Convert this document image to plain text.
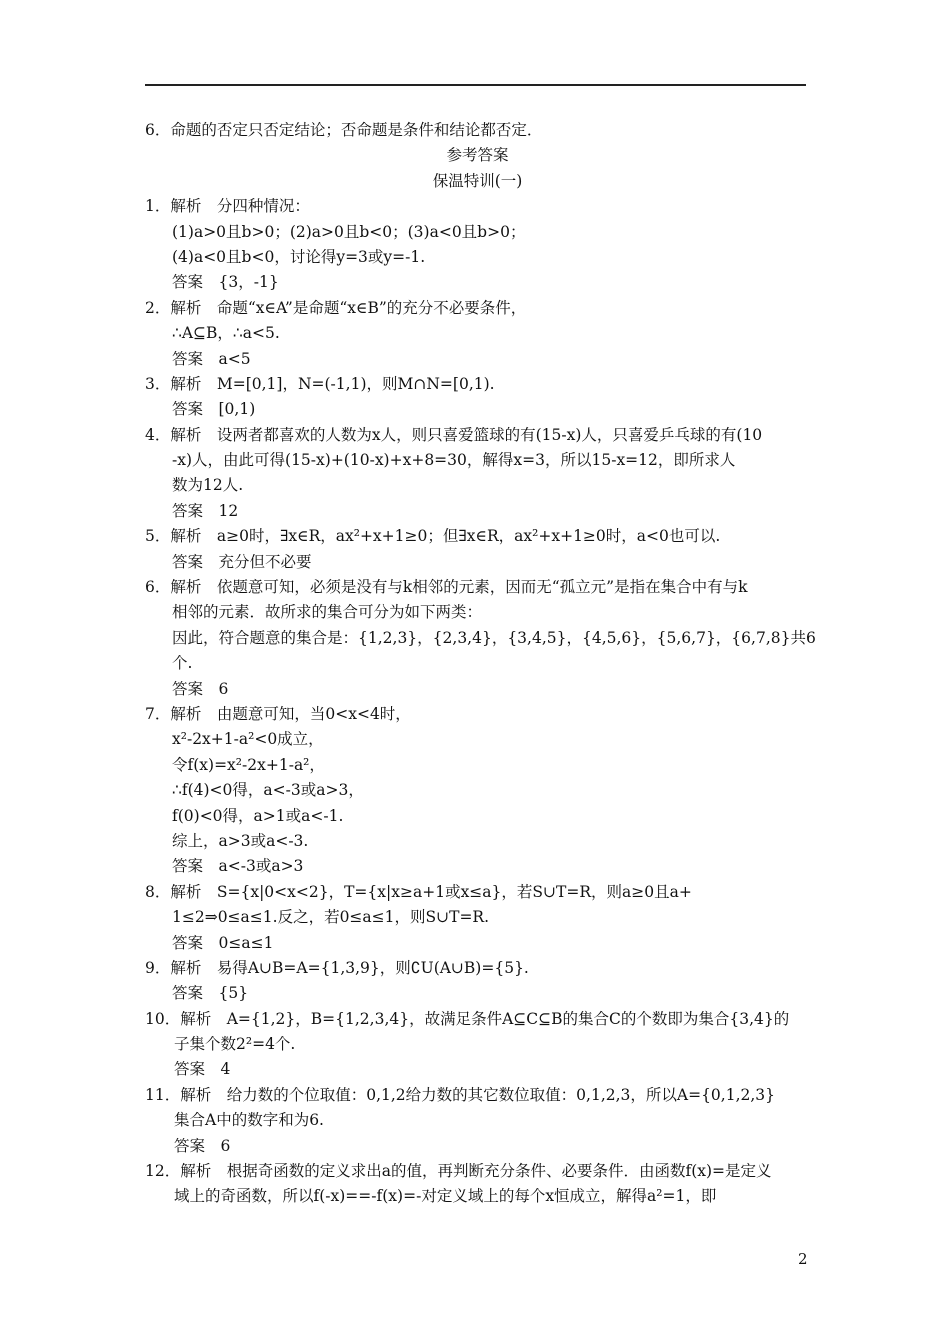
6．命题的否定只否定结论；否命题是条件和结论都否定．
参考答案
保温特训(一)
1．解析　分四种情况：
(1)a>0且b>0；(2)a>0且b<0；(3)a<0且b>0；
(4)a<0且b<0，讨论得y=3或y=-1.
答案　{3，-1}
2．解析　命题“x∈A”是命题“x∈B”的充分不必要条件，
∴A⊆B，∴a<5.
答案　a<5
3．解析　M=[0,1]，N=(-1,1)，则M∩N=[0,1).
答案　[0,1)
4．解析　设两者都喜欢的人数为x人，则只喜爱篮球的有(15-x)人，只喜爱乒乓球的有(10
-x)人，由此可得(15-x)+(10-x)+x+8=30，解得x=3，所以15-x=12，即所求人
数为12人.
答案　12
5．解析　a≥0时，∃x∈R，ax²+x+1≥0；但∃x∈R，ax²+x+1≥0时，a<0也可以.
答案　充分但不必要
6．解析　依题意可知，必须是没有与k相邻的元素，因而无“孤立元”是指在集合中有与k
相邻的元素．故所求的集合可分为如下两类：
因此，符合题意的集合是：{1,2,3}，{2,3,4}，{3,4,5}，{4,5,6}，{5,6,7}，{6,7,8}共6
个.
答案　6
7．解析　由题意可知，当0<x<4时，
x²-2x+1-a²<0成立，
令f(x)=x²-2x+1-a²，
∴f(4)<0得，a<-3或a>3，
f(0)<0得，a>1或a<-1.
综上，a>3或a<-3.
答案　a<-3或a>3
8．解析　S={x|0<x<2}，T={x|x≥a+1或x≤a}，若S∪T=R，则a≥0且a+
1≤2⇒0≤a≤1.反之，若0≤a≤1，则S∪T=R.
答案　0≤a≤1
9．解析　易得A∪B=A={1,3,9}，则∁U(A∪B)={5}.
答案　{5}
10．解析　A={1,2}，B={1,2,3,4}，故满足条件A⊆C⊆B的集合C的个数即为集合{3,4}的
子集个数2²=4个.
答案　4
11．解析　给力数的个位取值：0,1,2给力数的其它数位取值：0,1,2,3，所以A={0,1,2,3}
集合A中的数字和为6.
答案　6
12．解析　根据奇函数的定义求出a的值，再判断充分条件、必要条件．由函数f(x)=是定义
域上的奇函数，所以f(-x)==-f(x)=-对定义域上的每个x恒成立，解得a²=1，即
2
